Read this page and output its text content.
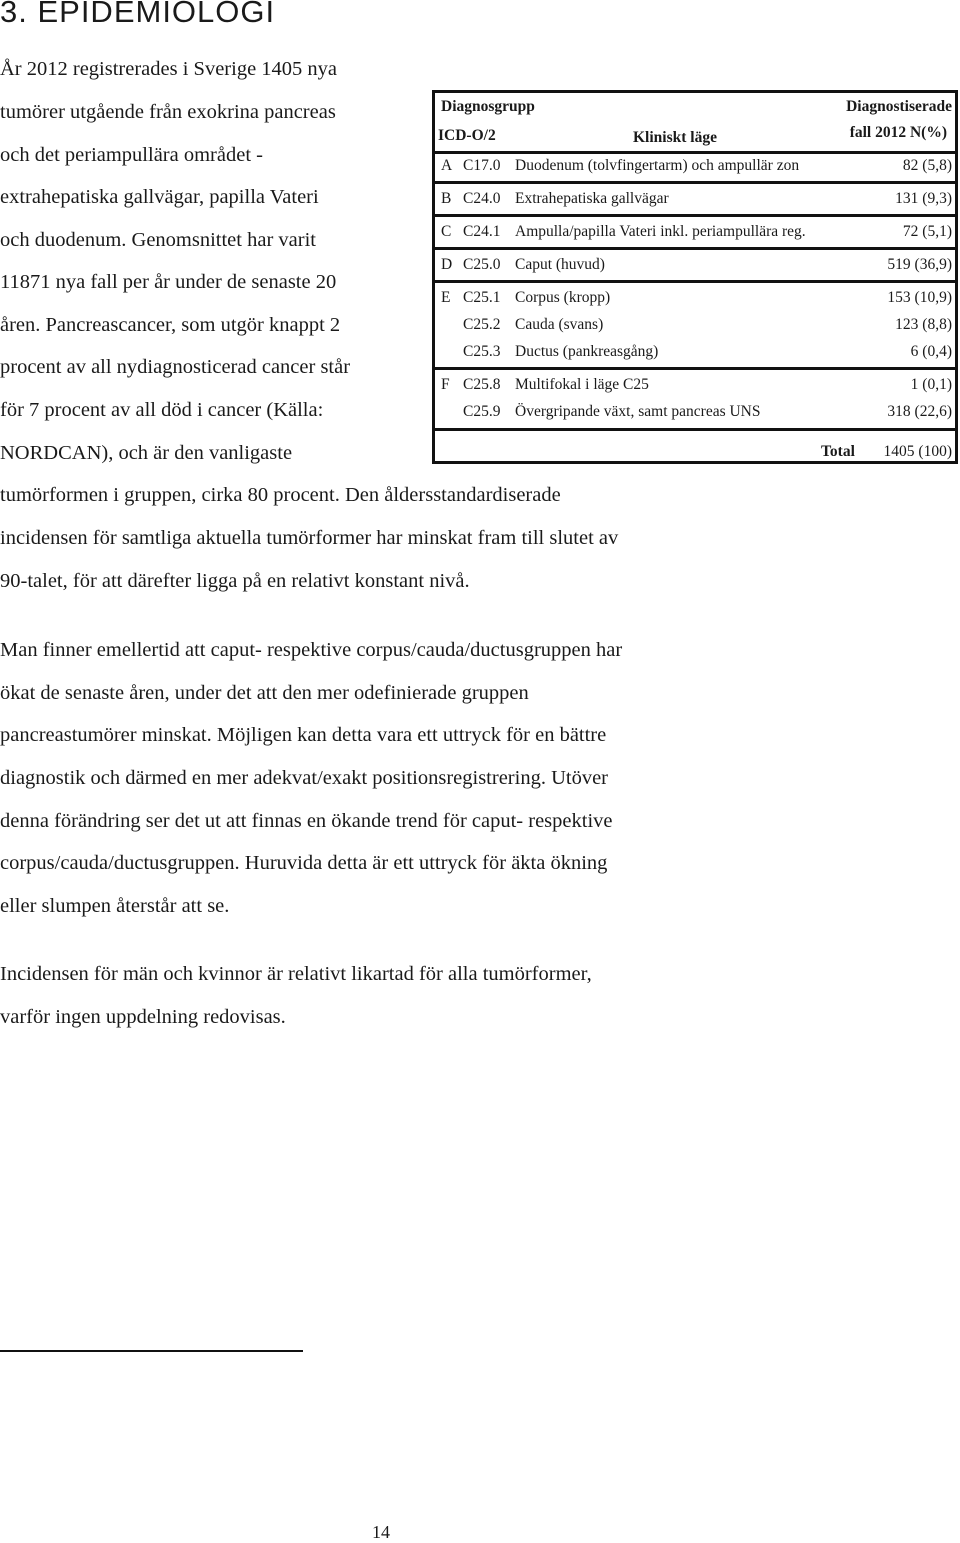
3. EPIDEMIOLOGI

År 2012 registrerades i Sverige 1405 nya

tumörer utgående från exokrina pancreas

och det periampullära området -

extrahepatiska gallvägar, papilla Vateri

och duodenum. Genomsnittet har varit

11871 nya fall per år under de senaste 20

åren. Pancreascancer, som utgör knappt 2

procent av all nydiagnosticerad cancer står

för 7 procent av all död i cancer (Källa:

NORDCAN), och är den vanligaste

tumörformen i gruppen, cirka 80 procent. Den åldersstandardiserade

incidensen för samtliga aktuella tumörformer har minskat fram till slutet av

90-talet, för att därefter ligga på en relativt konstant nivå.

Man finner emellertid att caput- respektive corpus/cauda/ductusgruppen har

ökat de senaste åren, under det att den mer odefinierade gruppen

pancreastumörer minskat. Möjligen kan detta vara ett uttryck för en bättre

diagnostik och därmed en mer adekvat/exakt positionsregistrering. Utöver

denna förändring ser det ut att finnas en ökande trend för caput- respektive

corpus/cauda/ductusgruppen. Huruvida detta är ett uttryck för äkta ökning

eller slumpen återstår att se.

Incidensen för män och kvinnor är relativt likartad för alla tumörformer,

varför ingen uppdelning redovisas.

Diagnosgrupp
ICD-O/2	Kliniskt läge
Diagnostiserade
fall 2012 N(%)
A C17.0 Duodenum (tolvfingertarm) och ampullär zon	82 (5,8)
B C24.0 Extrahepatiska gallvägar	131 (9,3)
C C24.1 Ampulla/papilla Vateri inkl. periampullära reg.	72 (5,1)
D C25.0 Caput (huvud)	519 (36,9)
E C25.1 Corpus (kropp)	153 (10,9)
C25.2 Cauda (svans)	123 (8,8)
C25.3 Ductus (pankreasgång)	6 (0,4)
F C25.8 Multifokal i läge C25	1 (0,1)
C25.9 Övergripande växt, samt pancreas UNS	318 (22,6)
Total 1405 (100)
14
